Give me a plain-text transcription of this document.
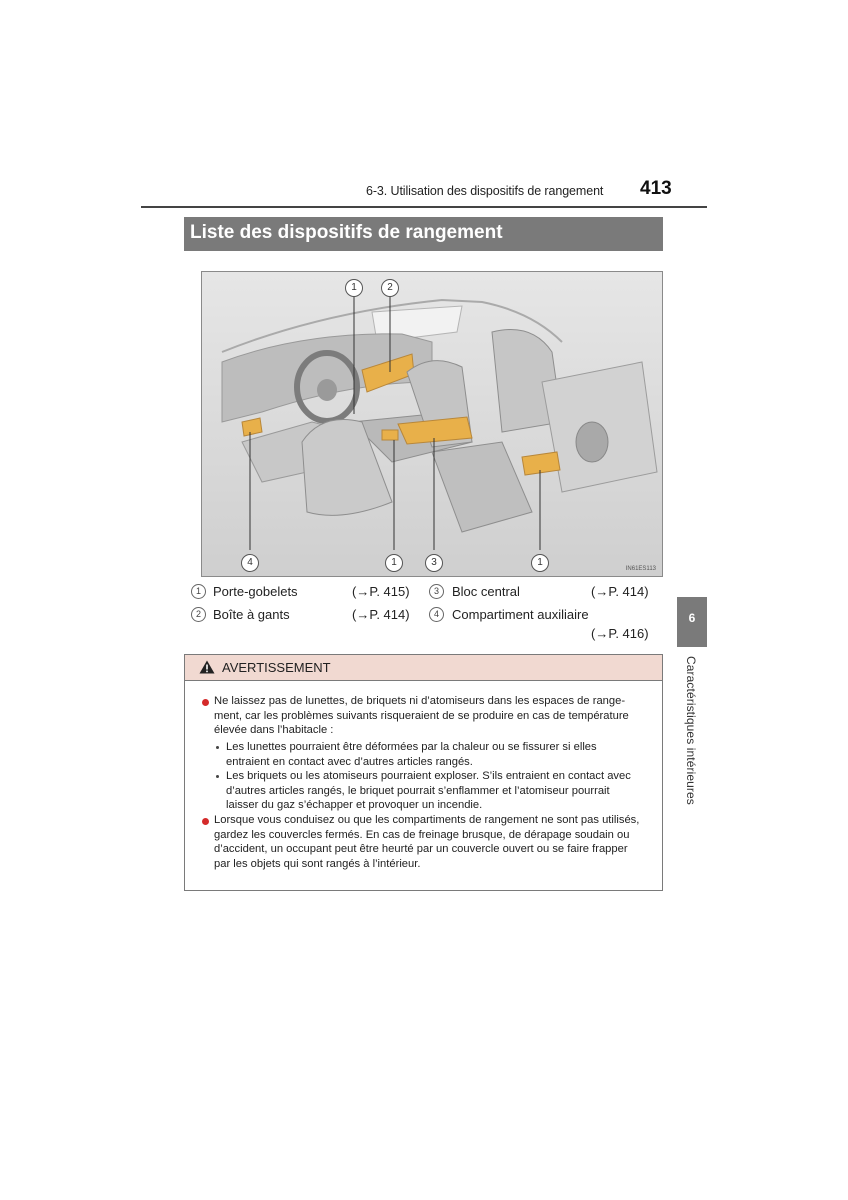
6-3. Utilisation des dispositifs de rangement 413
Liste des dispositifs de rangement
1	2
4	1	3	1
IN61ES113
1 Porte-gobelets	(→P. 415)	3	Bloc central	(→P. 414)
2 Boîte à gants	(→P. 414)	4	Compartiment auxiliaire
(→P. 416)
6
Caractéristiques intérieures
AVERTISSEMENT
Ne laissez pas de lunettes, de briquets ni d’atomiseurs dans les espaces de range-
ment, car les problèmes suivants risqueraient de se produire en cas de température
élevée dans l’habitacle :
Les lunettes pourraient être déformées par la chaleur ou se fissurer si elles
entraient en contact avec d’autres articles rangés.
Les briquets ou les atomiseurs pourraient exploser. S’ils entraient en contact avec
d’autres articles rangés, le briquet pourrait s’enflammer et l’atomiseur pourrait
laisser du gaz s’échapper et provoquer un incendie.
Lorsque vous conduisez ou que les compartiments de rangement ne sont pas utilisés,
gardez les couvercles fermés. En cas de freinage brusque, de dérapage soudain ou
d’accident, un occupant peut être heurté par un couvercle ouvert ou se faire frapper
par les objets qui sont rangés à l’intérieur.
